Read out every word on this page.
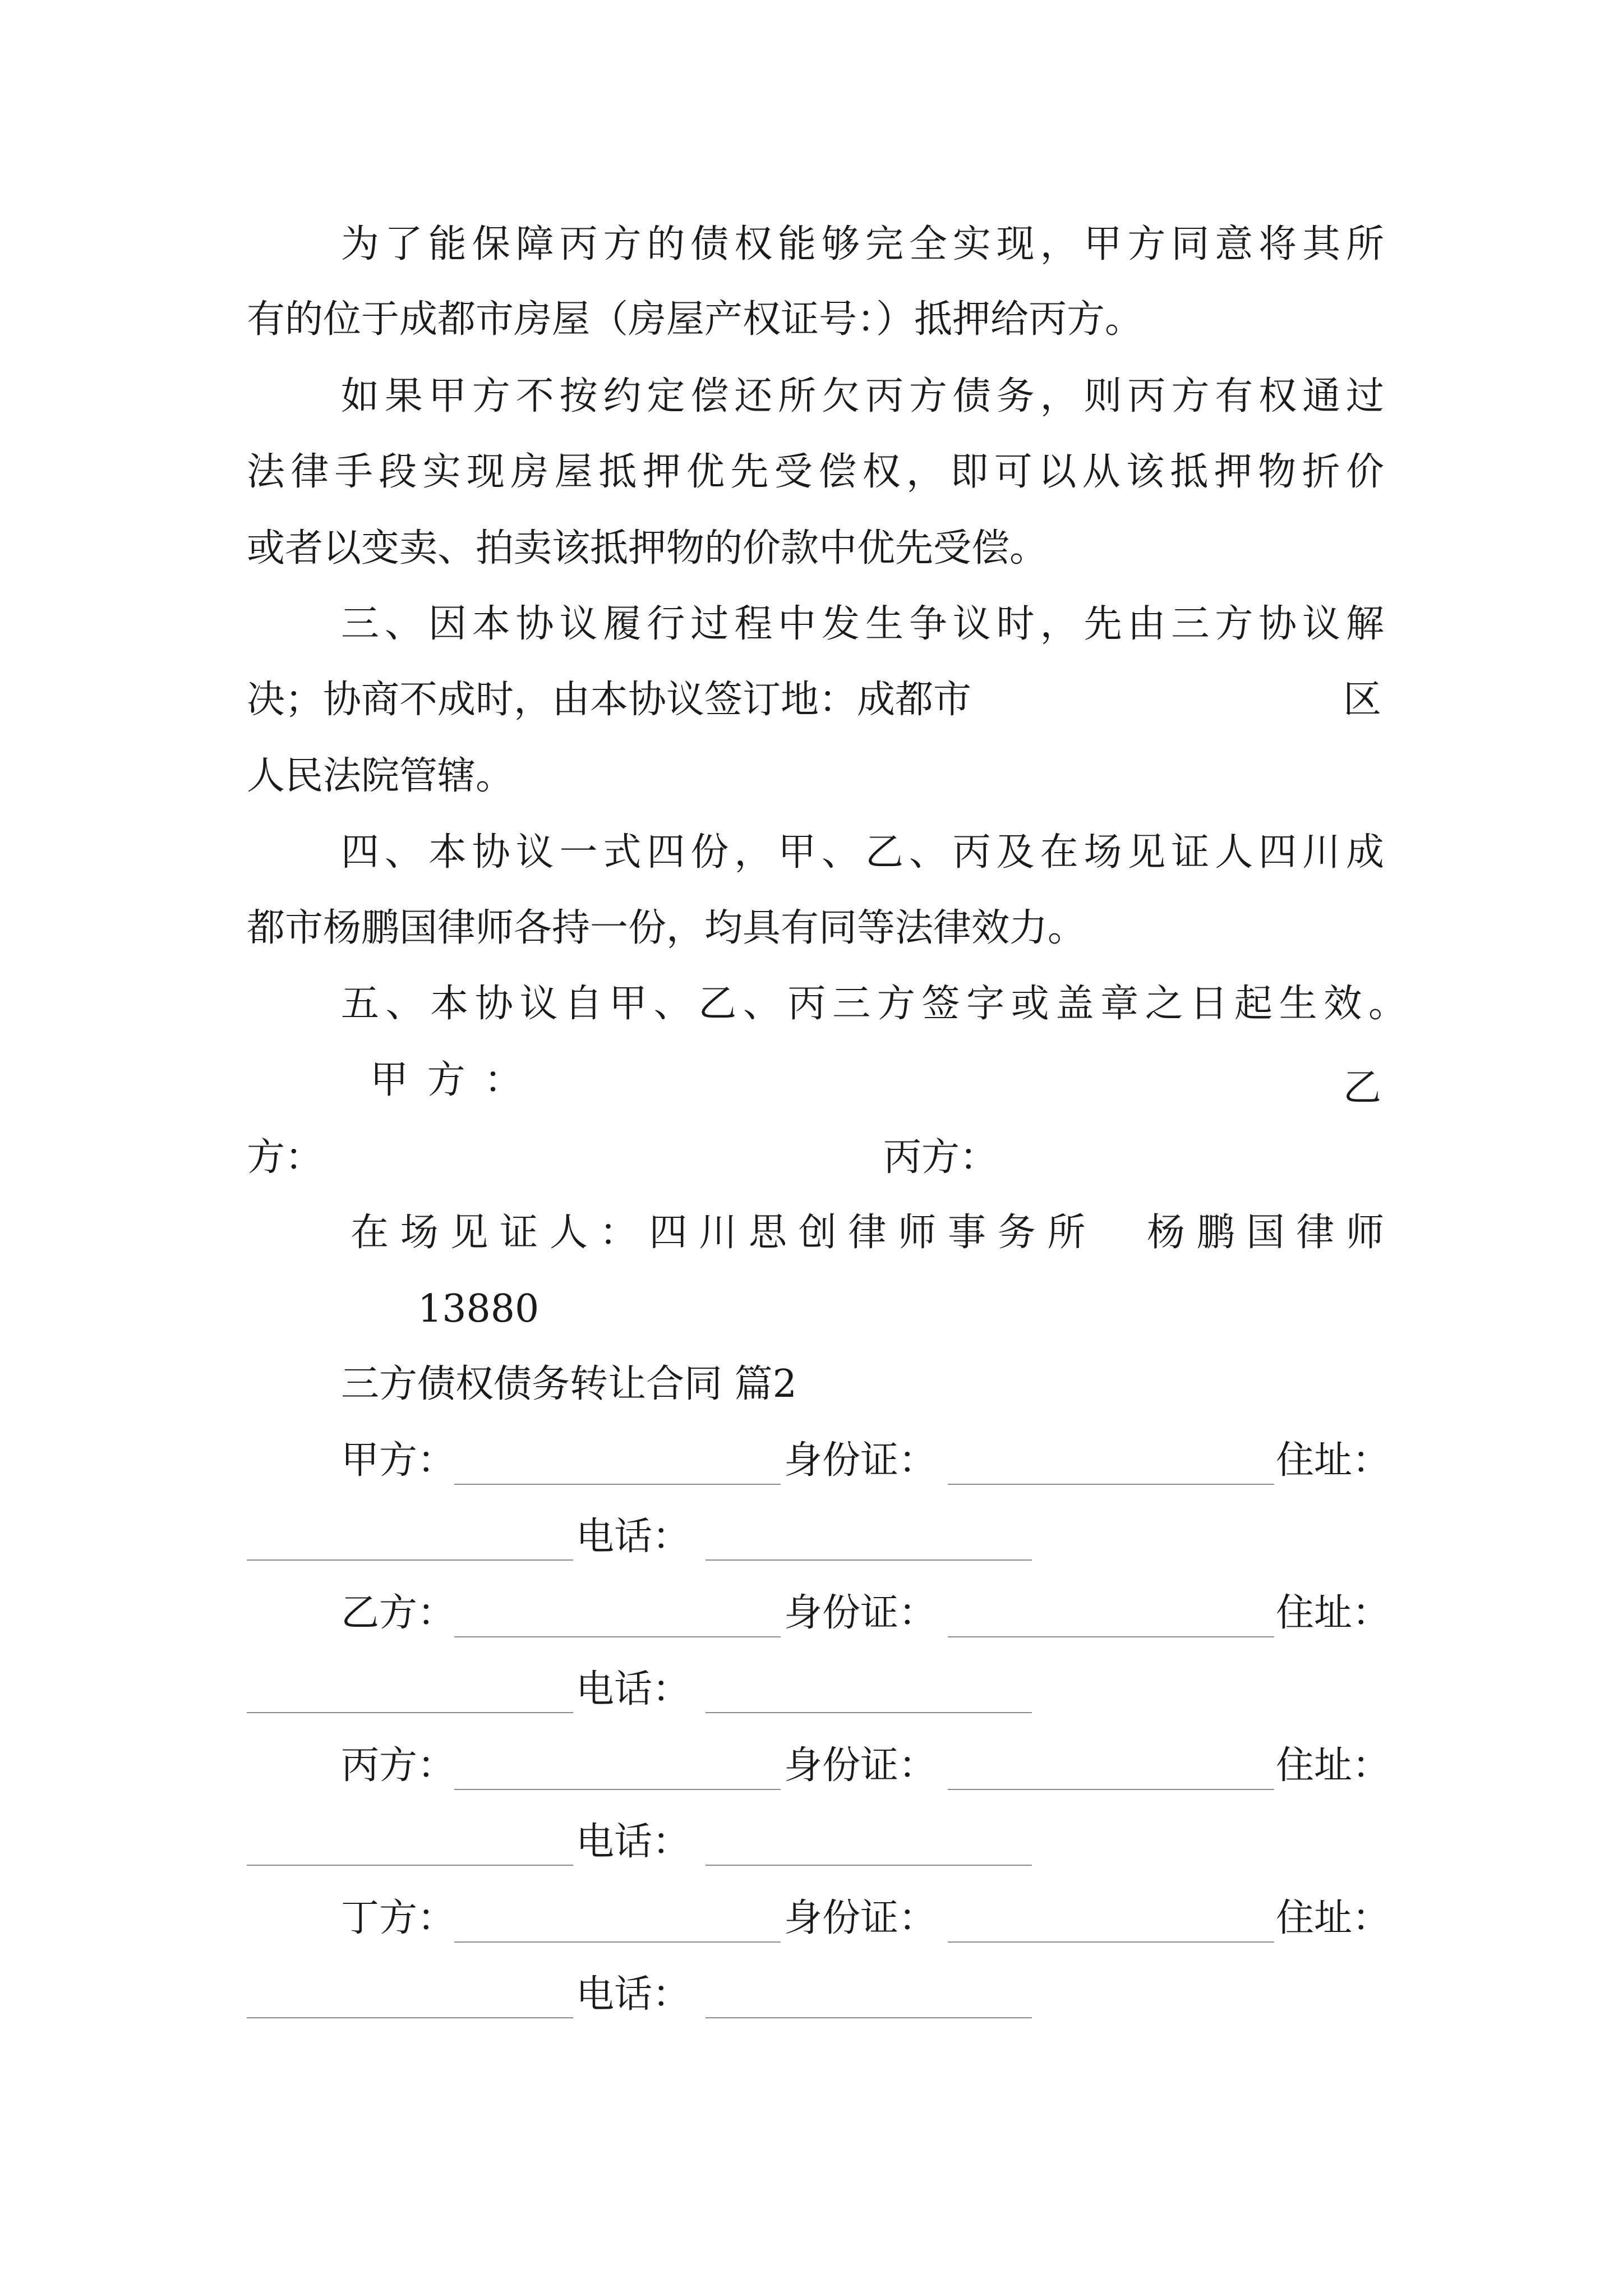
为了能保障丙方的债权能够完全实现，甲方同意将其所
有的位于成都市房屋（房屋产权证号：）抵押给丙方。
如果甲方不按约定偿还所欠丙方债务，则丙方有权通过
法律手段实现房屋抵押优先受偿权，即可以从该抵押物折价
或者以变卖、拍卖该抵押物的价款中优先受偿。
三、因本协议履行过程中发生争议时，先由三方协议解
决；协商不成时，由本协议签订地：成都市	区
人民法院管辖。
四、本协议一式四份，甲、乙、丙及在场见证人四川成
都市杨鹏国律师各持一份，均具有同等法律效力。
五、本协议自甲、乙、丙三方签字或盖章之日起生效。
甲 方 ：	乙
方：	丙方：
在场见证人：四川思创律师事务所　杨鹏国律师
13880
三方债权债务转让合同 篇2
甲方：	身份证：	住址：
电话：
乙方：	身份证：	住址：
电话：
丙方：	身份证：	住址：
电话：
丁方：	身份证：	住址：
电话：
